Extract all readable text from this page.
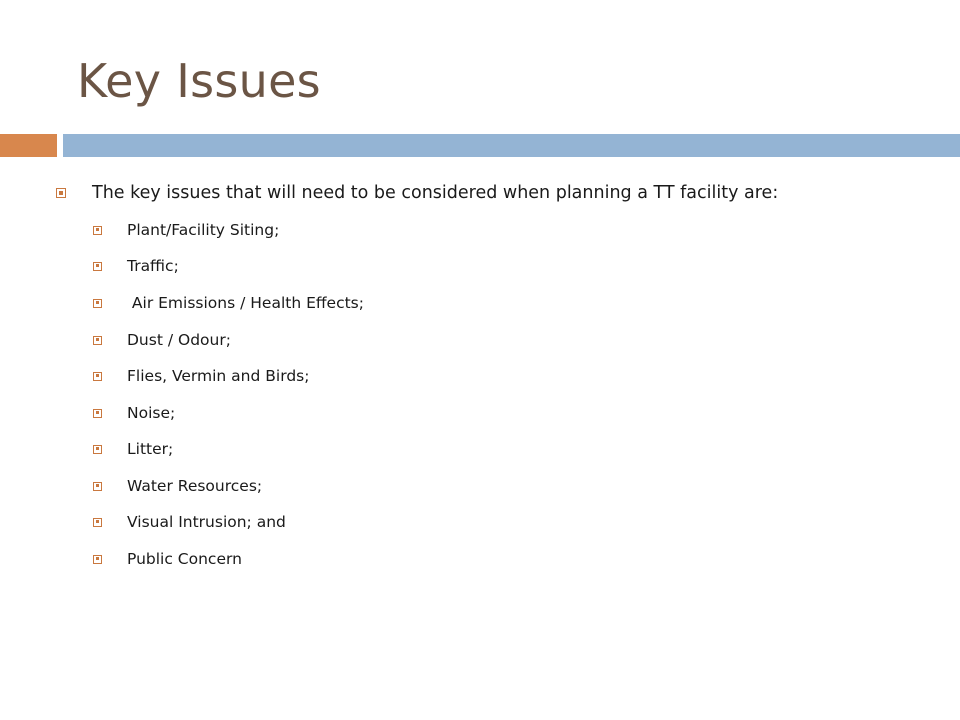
Key Issues
The key issues that will need to be considered when planning a TT facility are:
Plant/Facility Siting;
Traffic;
Air Emissions / Health Effects;
Dust / Odour;
Flies, Vermin and Birds;
Noise;
Litter;
Water Resources;
Visual Intrusion; and
Public Concern
